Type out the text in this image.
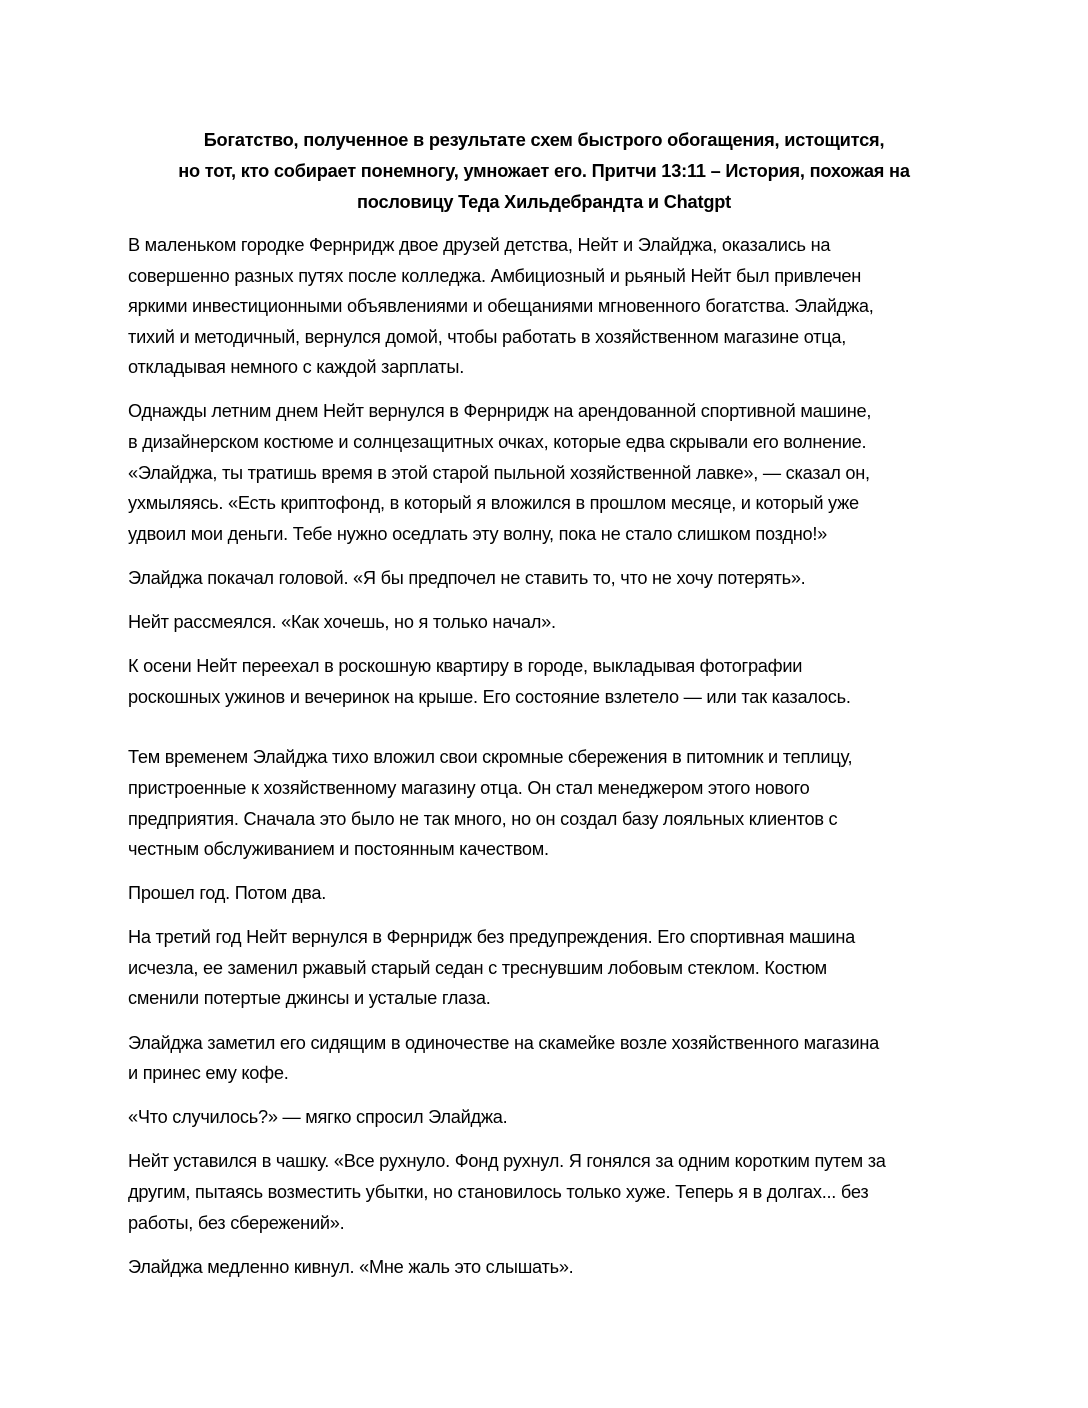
Богатство, полученное в результате схем быстрого обогащения, истощится,
но тот, кто собирает понемногу, умножает его. Притчи 13:11 – История, похожая на
пословицу Теда Хильдебрандта и Chatgpt

В маленьком городке Фернридж двое друзей детства, Нейт и Элайджа, оказались на
совершенно разных путях после колледжа. Амбициозный и рьяный Нейт был привлечен
яркими инвестиционными объявлениями и обещаниями мгновенного богатства. Элайджа,
тихий и методичный, вернулся домой, чтобы работать в хозяйственном магазине отца,
откладывая немного с каждой зарплаты.

Однажды летним днем Нейт вернулся в Фернридж на арендованной спортивной машине,
в дизайнерском костюме и солнцезащитных очках, которые едва скрывали его волнение.
«Элайджа, ты тратишь время в этой старой пыльной хозяйственной лавке», — сказал он,
ухмыляясь. «Есть криптофонд, в который я вложился в прошлом месяце, и который уже
удвоил мои деньги. Тебе нужно оседлать эту волну, пока не стало слишком поздно!»

Элайджа покачал головой. «Я бы предпочел не ставить то, что не хочу потерять».

Нейт рассмеялся. «Как хочешь, но я только начал».

К осени Нейт переехал в роскошную квартиру в городе, выкладывая фотографии
роскошных ужинов и вечеринок на крыше. Его состояние взлетело — или так казалось.

Тем временем Элайджа тихо вложил свои скромные сбережения в питомник и теплицу,
пристроенные к хозяйственному магазину отца. Он стал менеджером этого нового
предприятия. Сначала это было не так много, но он создал базу лояльных клиентов с
честным обслуживанием и постоянным качеством.

Прошел год. Потом два.

На третий год Нейт вернулся в Фернридж без предупреждения. Его спортивная машина
исчезла, ее заменил ржавый старый седан с треснувшим лобовым стеклом. Костюм
сменили потертые джинсы и усталые глаза.

Элайджа заметил его сидящим в одиночестве на скамейке возле хозяйственного магазина
и принес ему кофе.

«Что случилось?» — мягко спросил Элайджа.

Нейт уставился в чашку. «Все рухнуло. Фонд рухнул. Я гонялся за одним коротким путем за
другим, пытаясь возместить убытки, но становилось только хуже. Теперь я в долгах... без
работы, без сбережений».

Элайджа медленно кивнул. «Мне жаль это слышать».
